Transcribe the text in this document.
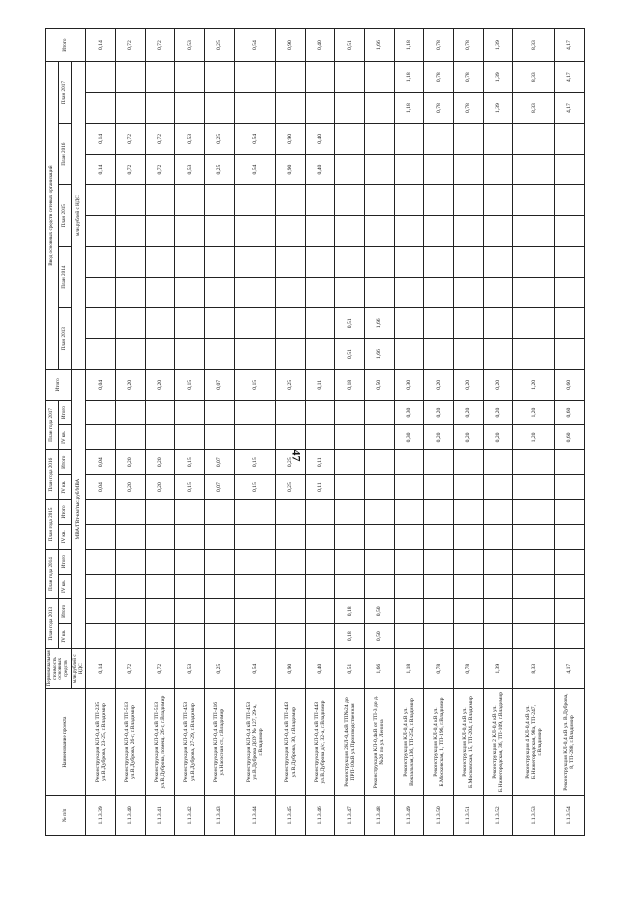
47
№ п/п	Наименование проекта	Первоначальная стоимость основных средств	План года 2013		План года 2014		План года 2015		План года 2016		План года 2017		Итого	Ввод основных средств сетевых организаций										Итого
			IV кв.	Итого	IV кв.	Итого	IV кв.	Итого	IV кв.	Итого	IV кв.	Итого		План 2013		План 2014		План 2015		План 2016		План 2017		
		млн.рублей с НДС	МВА/ГВт-км/тыс.руб/МВА											млн.рублей с НДС										
1.1.3.39	Реконструкция КЛ-0,4 кВ ТП-235 ул.В.Дуброва, 23-25, г.Владимир	0,14							0,04	0,04			0,04							0,14	0,14			0,14
1.1.3.40	Реконструкция КЛ-0,4 кВ ТП-513 ул.В.Дуброва, 26-г, г.Владимир	0,72							0,20	0,20			0,20							0,72	0,72			0,72
1.1.3.41	Реконструкция КЛ-0,4 кВ ТП-513 ул.В.Дуброва, помещ. 26-г, г.Владимир	0,72							0,20	0,20			0,20							0,72	0,72			0,72
1.1.3.42	Реконструкция КЛ-0,4 кВ ТП-453 ул.В.Дуброва, 27-29, г.Владимир	0,53							0,15	0,15			0,15							0,53	0,53			0,53
1.1.3.43	Реконструкция КЛ-0,4 кВ ТП-416 ул.Насосная ст., г.Владимир	0,25							0,07	0,07			0,07							0,25	0,25			0,25
1.1.3.44	Реконструкция КЛ-0,4 кВ ТП-453 ул.В.Дуброва ДОУ № 127, 29-а, г.Владимир	0,54							0,15	0,15			0,15							0,54	0,54			0,54
1.1.3.45	Реконструкция КЛ-0,4 кВ ТП-443 ул.В.Дуброва, 30, г.Владимир	0,90							0,25	0,25			0,25							0,90	0,90			0,90
1.1.3.46	Реконструкция КЛ-0,4 кВ ТП-443 ул.В.Дуброва д/с, 32-а, г.Владимир	0,40							0,11	0,11			0,11							0,40	0,40			0,40
1.1.3.47	Реконструкция 2КЛ-0,4кВ ТП№24 до ПРП-10кВ ул.Производственная	0,51	0,18	0,18									0,18	0,51	0,51									0,51
1.1.3.48	Реконструкция КЛ-0,4кВ от ТП-3 до д. №26 по ул. Ленина	1,66	0,50	0,50									0,50	1,66	1,66									1,66
1.1.3.49	Реконструкция КЛ-0,4 кВ ул. Вокзальная,136, ТП-254, г.Владимир	1,18									0,30	0,30	0,30									1,18	1,18	1,18
1.1.3.50	Реконструкция КЛ-0,4 кВ ул. Б.Московская, 1, ТП-196, г.Владимир	0,78									0,20	0,20	0,20									0,78	0,78	0,78
1.1.3.51	Реконструкция КЛ-0,4 кВ ул. Б.Московская, 15, ТП-204, г.Владимир	0,78									0,20	0,20	0,20									0,78	0,78	0,78
1.1.3.52	Реконструкция 2 КЛ-0,4 кВ ул. Б.Нижегородская, 36, ТП-109, г.Владимир	1,39									0,20	0,20	0,20									1,39	1,39	1,39
1.1.3.53	Реконструкция 4 КЛ-0,4 кВ ул. Б.Нижегородская, 98а, ТП-247, г.Владимир	8,33									1,20	1,20	1,20									8,33	8,33	8,33
1.1.3.54	Реконструкция КЛ-0,4 кВ ул. В.Дуброва, 8, ТП-288, г.Владимир	4,17									0,60	0,60	0,60									4,17	4,17	4,17
